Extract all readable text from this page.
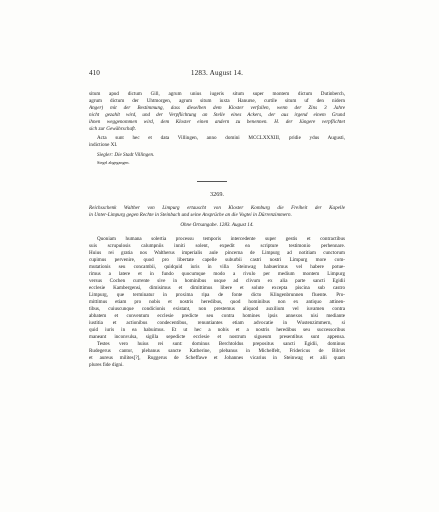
410	1283. August 14.
situm apud dictum Gill, agrum unius iugeris situm super montem dictum Dutinberch,
agrum dictum der Uhtmorgen, agrum situm iuxta Hanurse, curtile situm uf den nidern
Anger) mit der Bestimmung, dass dieselben dem Kloster verfallen, wenn der Zins 3 Jahre
nicht gezahlt wird, und der Verpflichtung an Stelle eines Ackers, der aus irgend einem Grund
ihnen weggenommen wird, dem Kloster einen andern zu benennen. H. der Jüngere verpflichtet
sich zur Gewährschaft.
Acta sunt hec et data Villingen, anno domini MCCLXXXIII, pridie ydus Augusti,
indictione XI.
Siegler: Die Stadt Villingen.
Siegel abgegangen.
3269.
Reichsschenk Walther von Limpurg ertauscht von Kloster Komburg die Freiheit der Kapelle
in Unter-Limpurg gegen Rechte in Steinbach und seine Ansprüche an die Vogtei in Dürrenzimmern.
Ohne Ortsangabe. 1283. August 14.
Quoniam humana solertia processu temporis intercedente super gestis et contractibus
suis scrupulosis calumpniis inniti solent, expedit ea scripture testimonio perhennare.
Huius rei gratia nos Waltherus imperialis aule pincerna de Limpurg ad notitiam cunctorum
cupimus pervenire, quod pro libertate capelle suburbii castri nostri Limpurg more com-
mutationis seu concambii, quidquid iuris in villa Steinwag habuerimus vel habere potue-
rimus a latere et in fundo quocumque modo a rivulo per medium montem Limpurg
versus Cochen currente sive in hominibus usque ad clivum ex alia parte sancti Egidii
ecclesie Kambergensi, dimisimus et dimittimus libere et solute excepta piscina sub castro
Limpurg, que terminatur in proxima ripa de fonte dicto Klingenbrunnen fluente. Pro-
mittimus etiam pro nobis et nostris heredibus, quod hominibus non ex antiquo attinen-
tibus, cuiuscunque condicionis existant, non prestemus aliquod auxilium vel iuvamen contra
abbatem et conventum ecclesie predicte seu contra homines ipsis annexos nisi mediante
iustitia et actionibus condecentibus, renuntiantes etiam advocatie in Wustenzimmern, si
quid iuris in ea habuimus. Et ut hec a nobis et a nostris heredibus seu successoribus
maneant inconvulsa, sigilla sepedicte ecclesie et nostrum sigueum presentibus sunt appensa.
Testes vero huius rei sunt: dominus Berchtoldus prepositus sancti Egidii, dominus
Rudegerus cantor, plebanus sancte Katherine, plebanus in Michelfelt, Fridericus de Bilriet
et aureus milites[?], Ruggerus de Scheffawe et Johannes vicarius in Steinwag et alii quam
plures fide digni.
